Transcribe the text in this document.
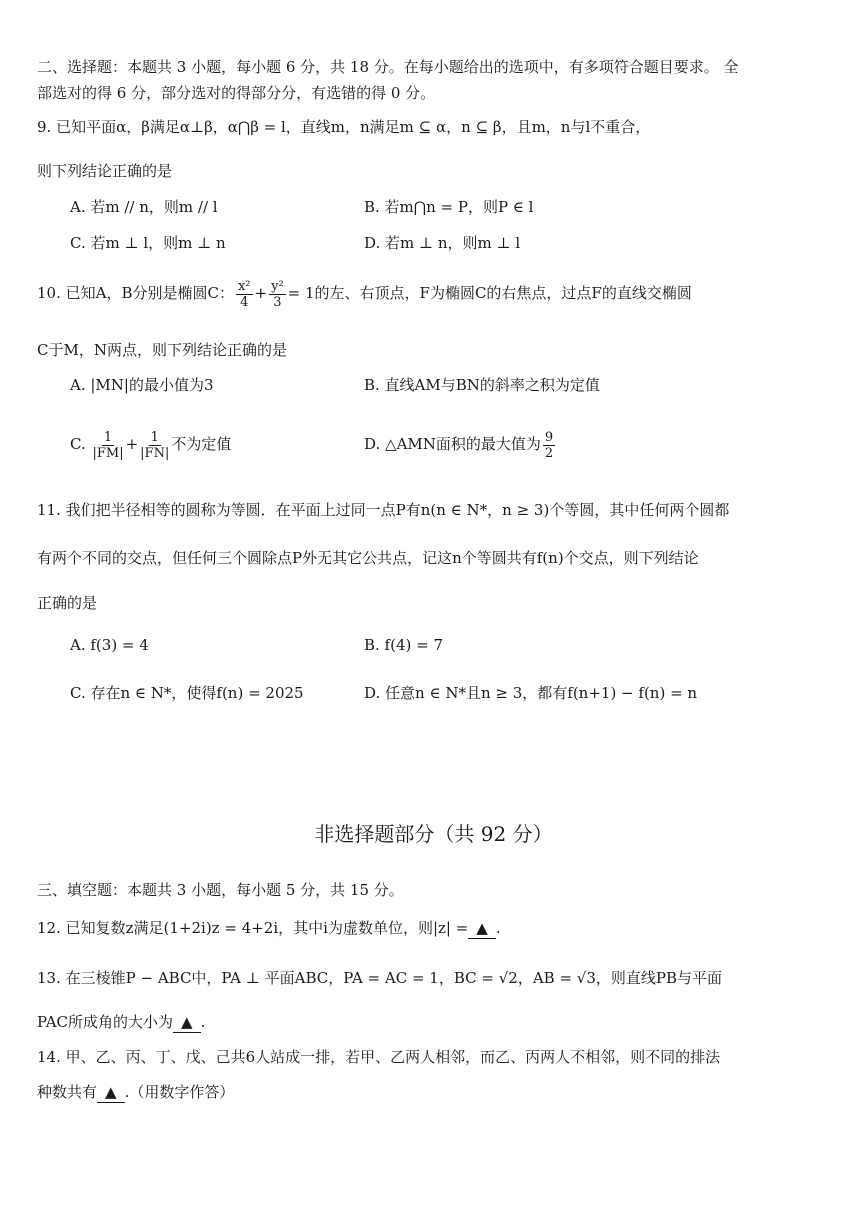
二、选择题：本题共 3 小题，每小题 6 分，共 18 分。在每小题给出的选项中，有多项符合题目要求。 全
部选对的得 6 分，部分选对的得部分分，有选错的得 0 分。
9. 已知平面α，β满足α⊥β，α⋂β = l，直线m，n满足m ⊆ α，n ⊆ β，且m，n与l不重合，
则下列结论正确的是
A. 若m // n，则m // l	B. 若m⋂n = P，则P ∈ l
C. 若m ⊥ l，则m ⊥ n	D. 若m ⊥ n，则m ⊥ l
10. 已知A，B分别是椭圆C： $\frac{\text{x²}}{4} + \frac{\text{y²}}{3} = 1$的左、右顶点，F为椭圆C的右焦点，过点F的直线交椭圆
C于M，N两点，则下列结论正确的是
A. |MN|的最小值为3	B. 直线AM与BN的斜率之积为定值
C. $\frac{1}{|FM|} + \frac{1}{|FN|}$ 不为定值	D. △AMN面积的最大值为 $\frac{9}{2}$
11. 我们把半径相等的圆称为等圆．在平面上过同一点P有n(n ∈ N*，n ≥ 3)个等圆，其中任何两个圆都
有两个不同的交点，但任何三个圆除点P外无其它公共点，记这n个等圆共有f(n)个交点，则下列结论
正确的是
A. f(3) = 4	B. f(4) = 7
C. 存在n ∈ N*，使得f(n) = 2025	D. 任意n ∈ N*且n ≥ 3，都有f(n+1) − f(n) = n
非选择题部分（共 92 分）
三、填空题：本题共 3 小题，每小题 5 分，共 15 分。
12. 已知复数z满足(1+2i)z = 4+2i，其中i为虚数单位，则|z| = ▲ .
13. 在三棱锥P − ABC中，PA ⊥ 平面ABC，PA = AC = 1，BC = √2，AB = √3，则直线PB与平面
PAC所成角的大小为 ▲ .
14. 甲、乙、丙、丁、戊、己共6人站成一排，若甲、乙两人相邻，而乙、丙两人不相邻，则不同的排法
种数共有 ▲ .（用数字作答）
